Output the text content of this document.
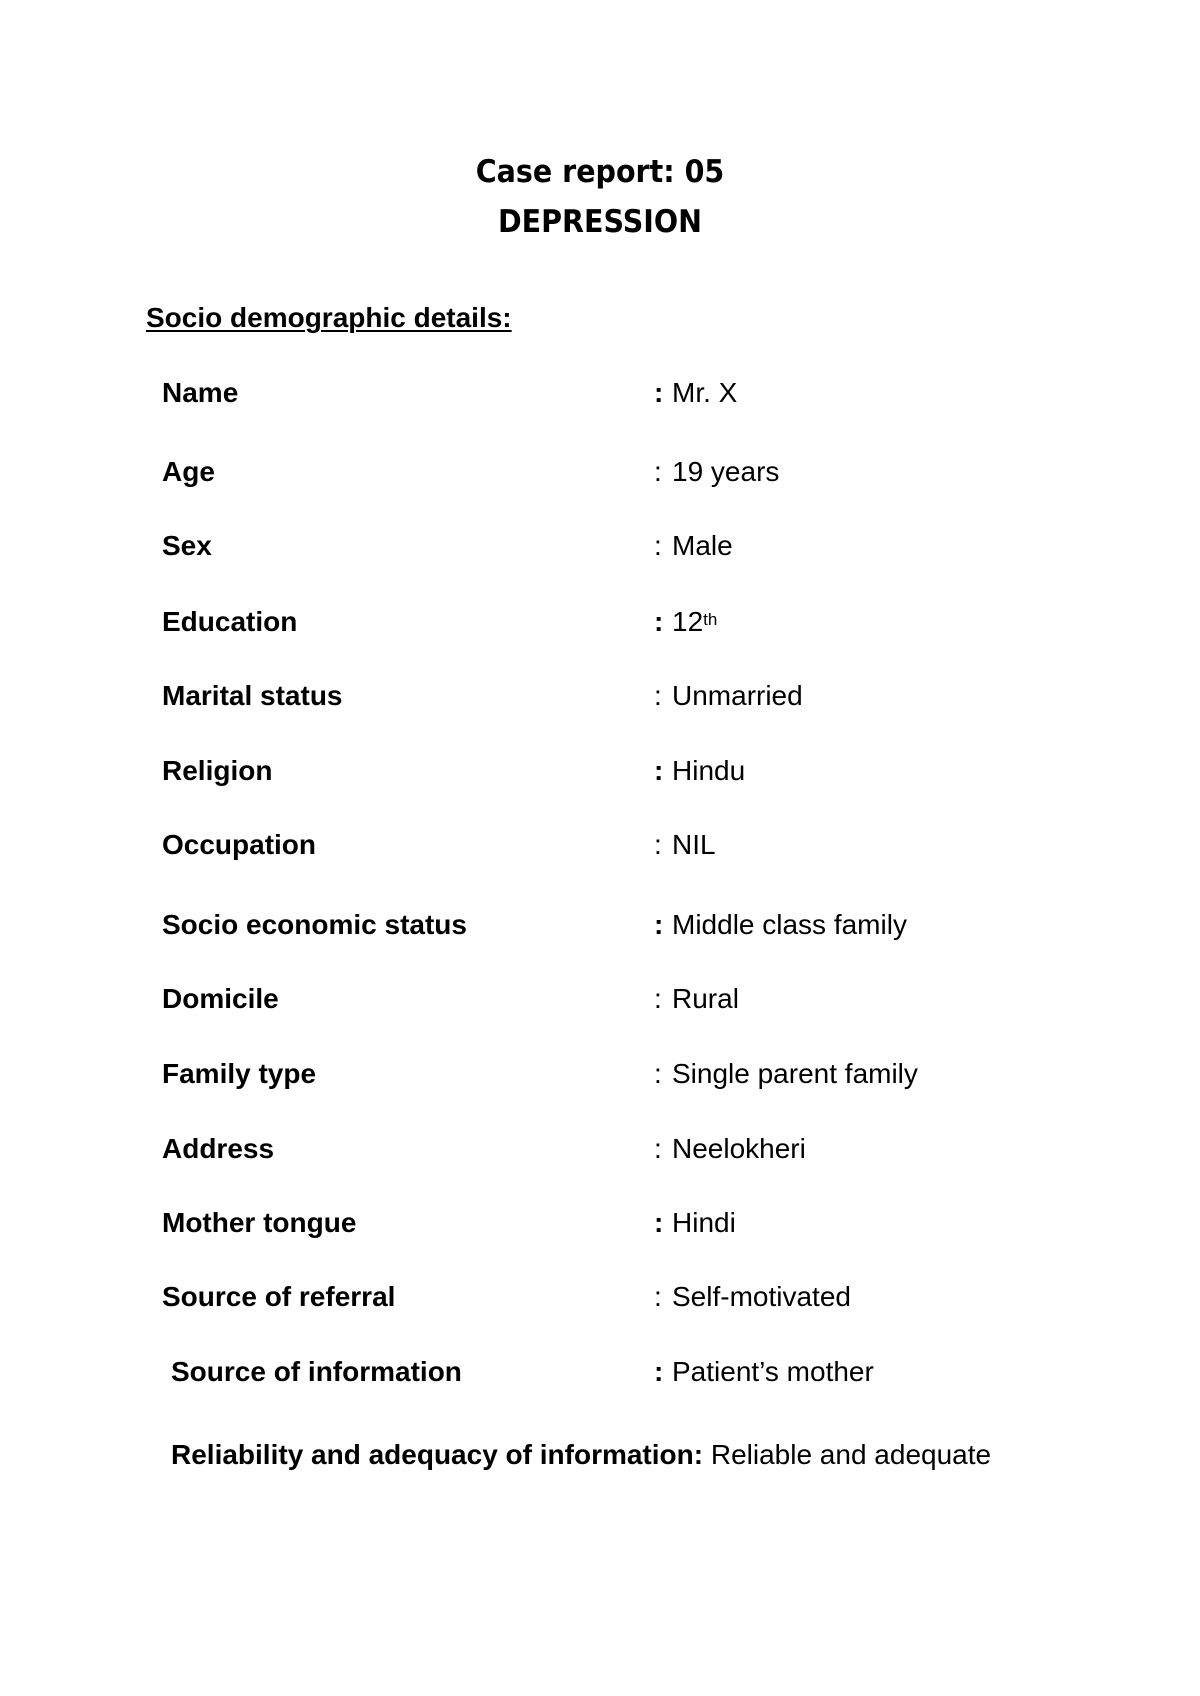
Case report: 05
DEPRESSION
Socio demographic details:
Name	: Mr. X
Age	: 19 years
Sex	: Male
Education	: 12th
Marital status	: Unmarried
Religion	: Hindu
Occupation	: NIL
Socio economic status	: Middle class family
Domicile	: Rural
Family type	: Single parent family
Address	: Neelokheri
Mother tongue	: Hindi
Source of referral	: Self-motivated
Source of information	: Patient’s mother
Reliability and adequacy of information: Reliable and adequate
